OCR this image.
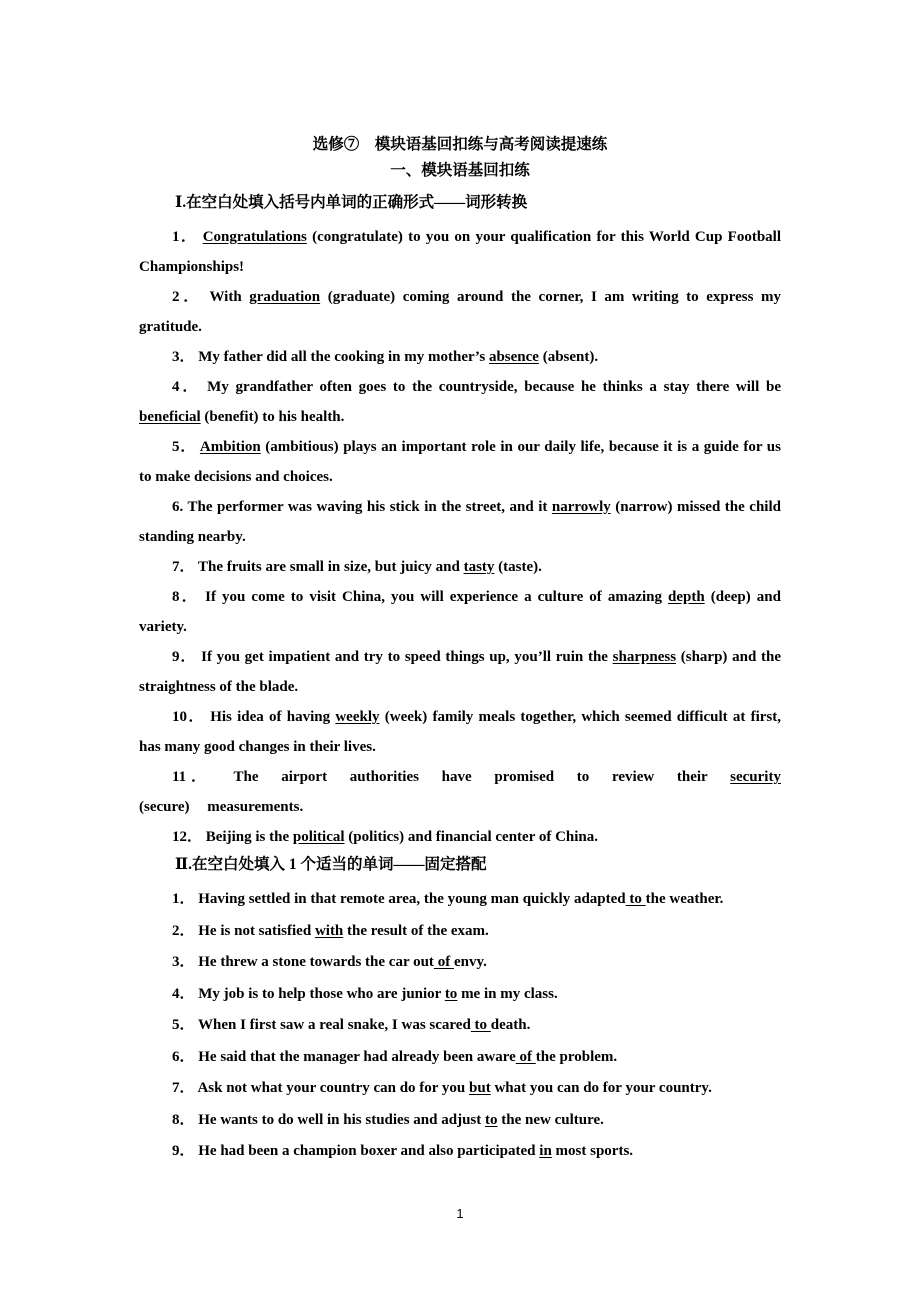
选修⑦　模块语基回扣练与高考阅读提速练
一、模块语基回扣练
Ⅰ.在空白处填入括号内单词的正确形式——词形转换

1． Congratulations (congratulate) to you on your qualification for this World Cup Football Championships!

2． With graduation (graduate) coming around the corner, I am writing to express my gratitude.

3． My father did all the cooking in my mother’s absence (absent).

4． My grandfather often goes to the countryside, because he thinks a stay there will be beneficial (benefit) to his health.

5． Ambition (ambitious) plays an important role in our daily life, because it is a guide for us to make decisions and choices.

6. The performer was waving his stick in the street, and it narrowly (narrow) missed the child standing nearby.

7． The fruits are small in size, but juicy and tasty (taste).

8． If you come to visit China, you will experience a culture of amazing depth (deep) and variety.

9． If you get impatient and try to speed things up, you’ll ruin the sharpness (sharp) and the straightness of the blade.

10． His idea of having weekly (week) family meals together, which seemed difficult at first, has many good changes in their lives.

11． The airport authorities have promised to review their security (secure) measurements.

12． Beijing is the political (politics) and financial center of China.

Ⅱ.在空白处填入 1 个适当的单词——固定搭配

1． Having settled in that remote area, the young man quickly adapted to the weather.

2． He is not satisfied with the result of the exam.

3． He threw a stone towards the car out of envy.

4． My job is to help those who are junior to me in my class.

5． When I first saw a real snake, I was scared to death.

6． He said that the manager had already been aware of the problem.

7． Ask not what your country can do for you but what you can do for your country.

8． He wants to do well in his studies and adjust to the new culture.

9． He had been a champion boxer and also participated in most sports.

1
